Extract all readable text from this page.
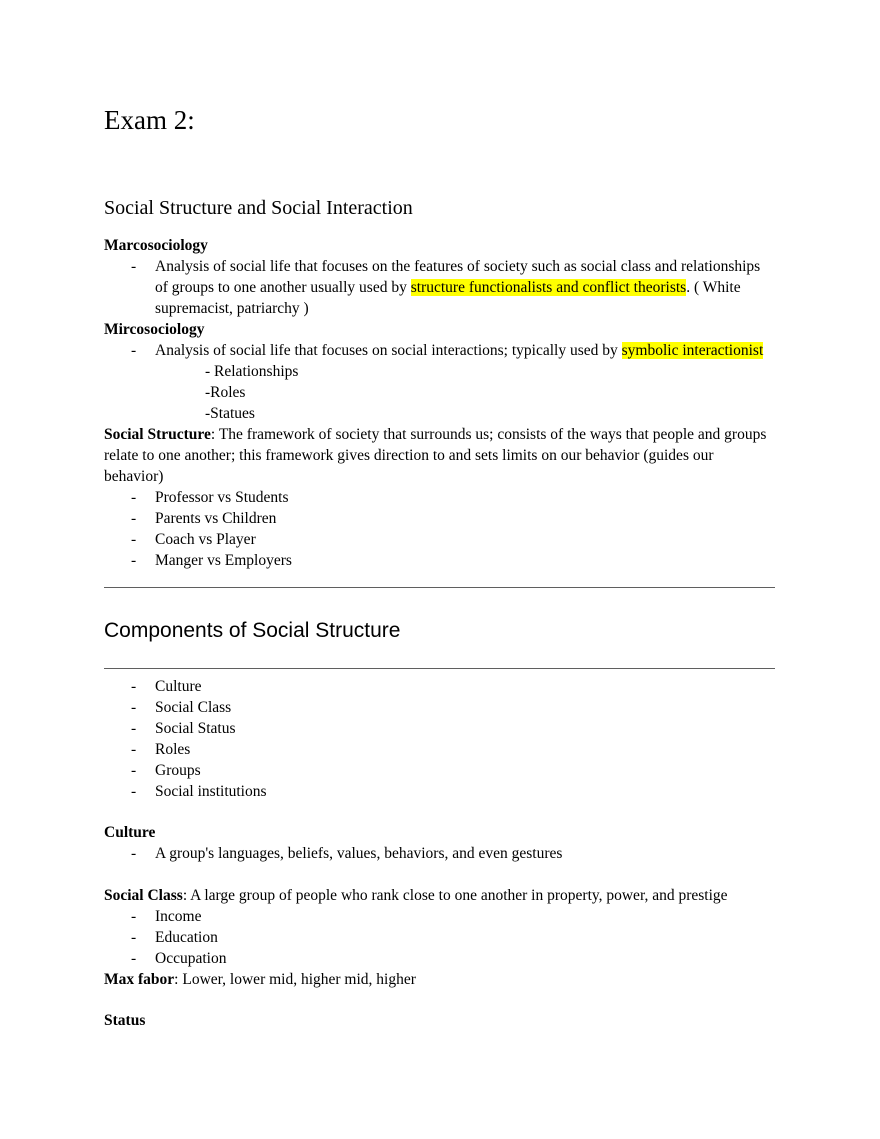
Exam 2:
Social Structure and Social Interaction

Marcosociology

- Analysis of social life that focuses on the features of society such as social class and relationships of groups to one another usually used by structure functionalists and conflict theorists. ( White supremacist, patriarchy )

Mircosociology

- Analysis of social life that focuses on social interactions; typically used by symbolic interactionist
- Relationships
-Roles
-Statues

Social Structure: The framework of society that surrounds us; consists of the ways that people and groups relate to one another; this framework gives direction to and sets limits on our behavior (guides our behavior)

- Professor vs Students
- Parents vs Children
- Coach vs Player
- Manger vs Employers
Components of Social Structure
- Culture
- Social Class
- Social Status
- Roles
- Groups
- Social institutions

Culture

- A group's languages, beliefs, values, behaviors, and even gestures

Social Class: A large group of people who rank close to one another in property, power, and prestige

- Income
- Education
- Occupation

Max fabor: Lower, lower mid, higher mid, higher

Status
